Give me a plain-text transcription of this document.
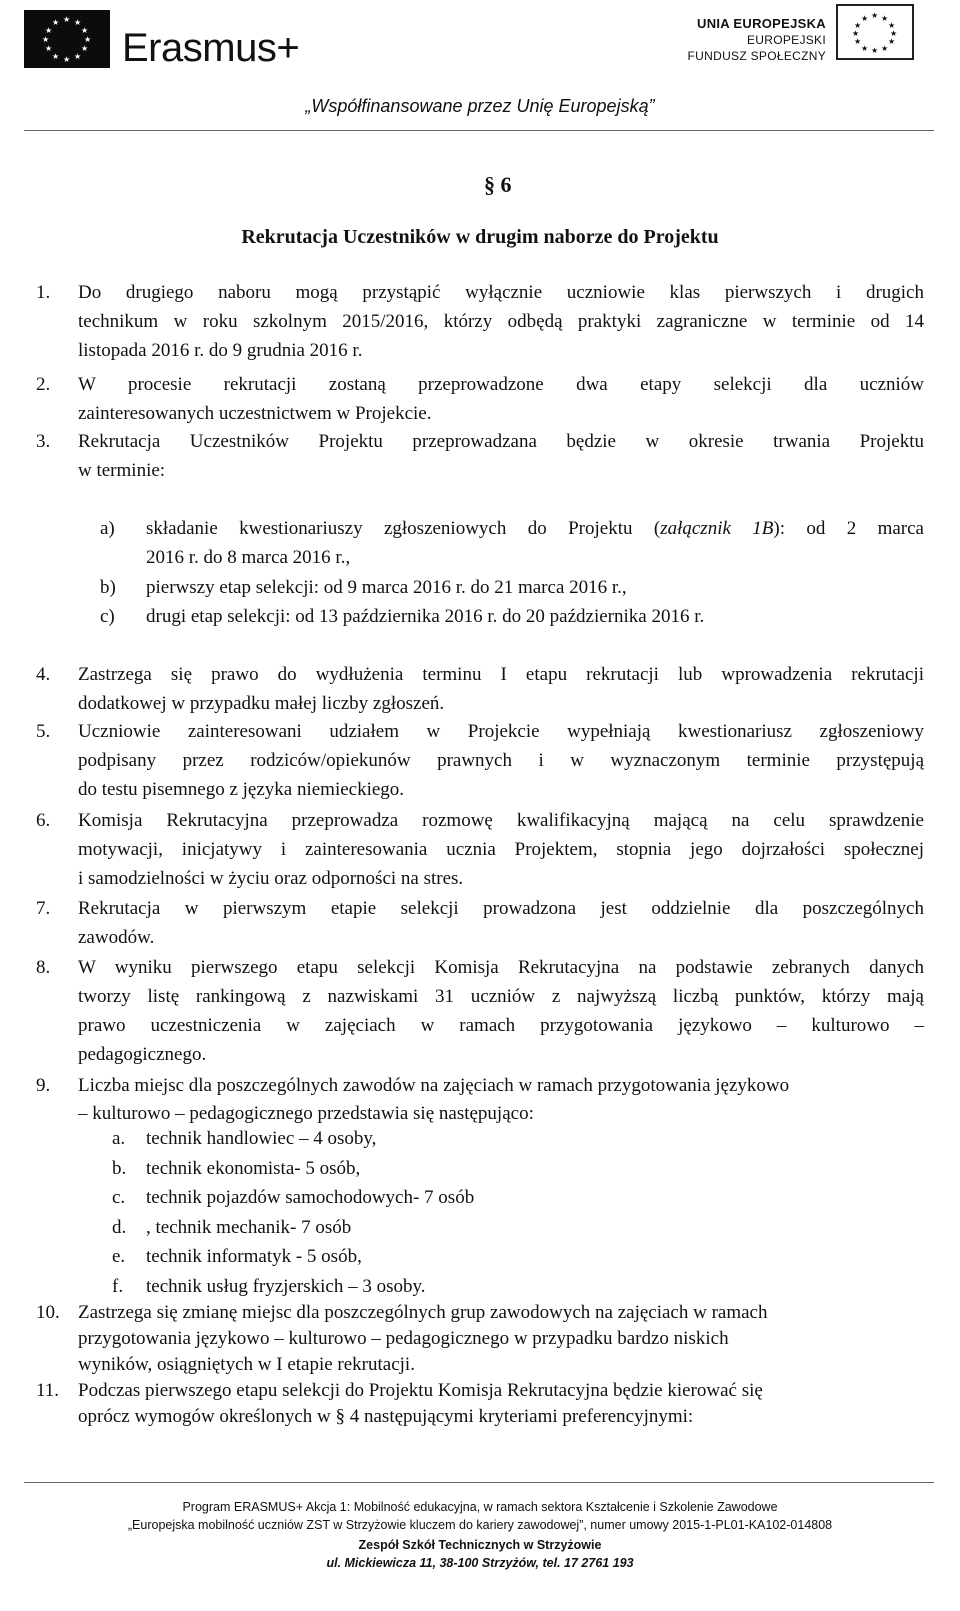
★ ★
★
★
★
★
★
★
★
★
★
★
Erasmus+
UNIA EUROPEJSKA
EUROPEJSKI
FUNDUSZ SPOŁECZNY
★ ★
★
★
★
★
★
★
★
★
★
★
„Współfinansowane przez Unię Europejską”
§ 6
Rekrutacja Uczestników w drugim naborze do Projektu
1. Do drugiego naboru mogą przystąpić wyłącznie uczniowie klas pierwszych i drugich
technikum w roku szkolnym 2015/2016, którzy odbędą praktyki zagraniczne w terminie od 14
listopada 2016 r. do 9 grudnia 2016 r.
2. W procesie rekrutacji zostaną przeprowadzone dwa etapy selekcji dla uczniów
zainteresowanych uczestnictwem w Projekcie.
3. Rekrutacja Uczestników Projektu przeprowadzana będzie w okresie trwania Projektu
w terminie:
a) składanie kwestionariuszy zgłoszeniowych do Projektu (załącznik 1B): od 2 marca
2016 r. do 8 marca 2016 r.,
b) pierwszy etap selekcji: od 9 marca 2016 r. do 21 marca 2016 r.,
c) drugi etap selekcji: od 13 października 2016 r. do 20 października 2016 r.
4. Zastrzega się prawo do wydłużenia terminu I etapu rekrutacji lub wprowadzenia rekrutacji
dodatkowej w przypadku małej liczby zgłoszeń.
5. Uczniowie zainteresowani udziałem w Projekcie wypełniają kwestionariusz zgłoszeniowy
podpisany przez rodziców/opiekunów prawnych i w wyznaczonym terminie przystępują
do testu pisemnego z języka niemieckiego.
6. Komisja Rekrutacyjna przeprowadza rozmowę kwalifikacyjną mającą na celu sprawdzenie
motywacji, inicjatywy i zainteresowania ucznia Projektem, stopnia jego dojrzałości społecznej
i samodzielności w życiu oraz odporności na stres.
7. Rekrutacja w pierwszym etapie selekcji prowadzona jest oddzielnie dla poszczególnych
zawodów.
8. W wyniku pierwszego etapu selekcji Komisja Rekrutacyjna na podstawie zebranych danych
tworzy listę rankingową z nazwiskami 31 uczniów z najwyższą liczbą punktów, którzy mają
prawo uczestniczenia w zajęciach w ramach przygotowania językowo – kulturowo –
pedagogicznego.
9. Liczba miejsc dla poszczególnych zawodów na zajęciach w ramach przygotowania językowo
– kulturowo – pedagogicznego przedstawia się następująco:
a. technik handlowiec – 4 osoby,
b. technik ekonomista- 5 osób,
c. technik pojazdów samochodowych- 7 osób
d. , technik mechanik- 7 osób
e. technik informatyk - 5 osób,
f. technik usług fryzjerskich – 3 osoby.
10. Zastrzega się zmianę miejsc dla poszczególnych grup zawodowych na zajęciach w ramach
przygotowania językowo – kulturowo – pedagogicznego w przypadku bardzo niskich
wyników, osiągniętych w I etapie rekrutacji.
11. Podczas pierwszego etapu selekcji do Projektu Komisja Rekrutacyjna będzie kierować się
oprócz wymogów określonych w § 4 następującymi kryteriami preferencyjnymi:
Program ERASMUS+ Akcja 1: Mobilność edukacyjna, w ramach sektora Kształcenie i Szkolenie Zawodowe
„Europejska mobilność uczniów ZST w Strzyżowie kluczem do kariery zawodowej”, numer umowy 2015-1-PL01-KA102-014808
Zespół Szkół Technicznych w Strzyżowie
ul. Mickiewicza 11, 38-100 Strzyżów, tel. 17 2761 193
